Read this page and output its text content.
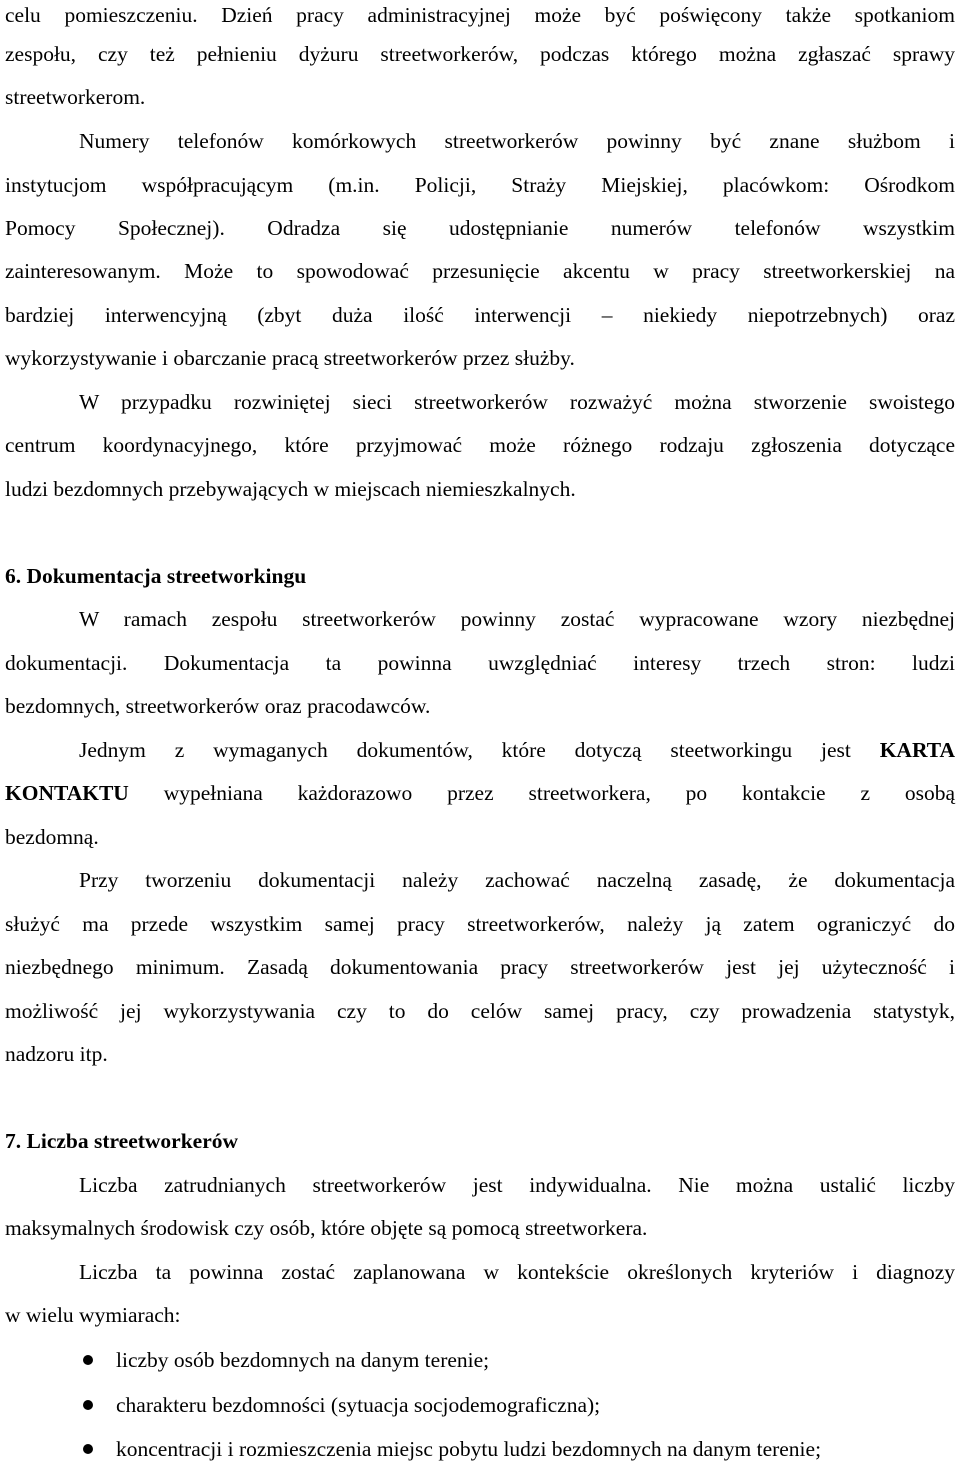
celu pomieszczeniu. Dzień pracy administracyjnej może być poświęcony także spotkaniom
zespołu, czy też pełnieniu dyżuru streetworkerów, podczas którego można zgłaszać sprawy
streetworkerom.
Numery telefonów komórkowych streetworkerów powinny być znane służbom i
instytucjom współpracującym (m.in. Policji, Straży Miejskiej, placówkom: Ośrodkom
Pomocy Społecznej). Odradza się udostępnianie numerów telefonów wszystkim
zainteresowanym. Może to spowodować przesunięcie akcentu w pracy streetworkerskiej na
bardziej interwencyjną (zbyt duża ilość interwencji – niekiedy niepotrzebnych) oraz
wykorzystywanie i obarczanie pracą streetworkerów przez służby.
W przypadku rozwiniętej sieci streetworkerów rozważyć można stworzenie swoistego
centrum koordynacyjnego, które przyjmować może różnego rodzaju zgłoszenia dotyczące
ludzi bezdomnych przebywających w miejscach niemieszkalnych.
6. Dokumentacja streetworkingu
W ramach zespołu streetworkerów powinny zostać wypracowane wzory niezbędnej
dokumentacji. Dokumentacja ta powinna uwzględniać interesy trzech stron: ludzi
bezdomnych, streetworkerów oraz pracodawców.
Jednym z wymaganych dokumentów, które dotyczą steetworkingu jest KARTA
KONTAKTU wypełniana każdorazowo przez streetworkera, po kontakcie z osobą
bezdomną.
Przy tworzeniu dokumentacji należy zachować naczelną zasadę, że dokumentacja
służyć ma przede wszystkim samej pracy streetworkerów, należy ją zatem ograniczyć do
niezbędnego minimum. Zasadą dokumentowania pracy streetworkerów jest jej użyteczność i
możliwość jej wykorzystywania czy to do celów samej pracy, czy prowadzenia statystyk,
nadzoru itp.
7. Liczba streetworkerów
Liczba zatrudnianych streetworkerów jest indywidualna. Nie można ustalić liczby
maksymalnych środowisk czy osób, które objęte są pomocą streetworkera.
Liczba ta powinna zostać zaplanowana w kontekście określonych kryteriów i diagnozy
w wielu wymiarach:
liczby osób bezdomnych na danym terenie;
charakteru bezdomności (sytuacja socjodemograficzna);
koncentracji i rozmieszczenia miejsc pobytu ludzi bezdomnych na danym terenie;
